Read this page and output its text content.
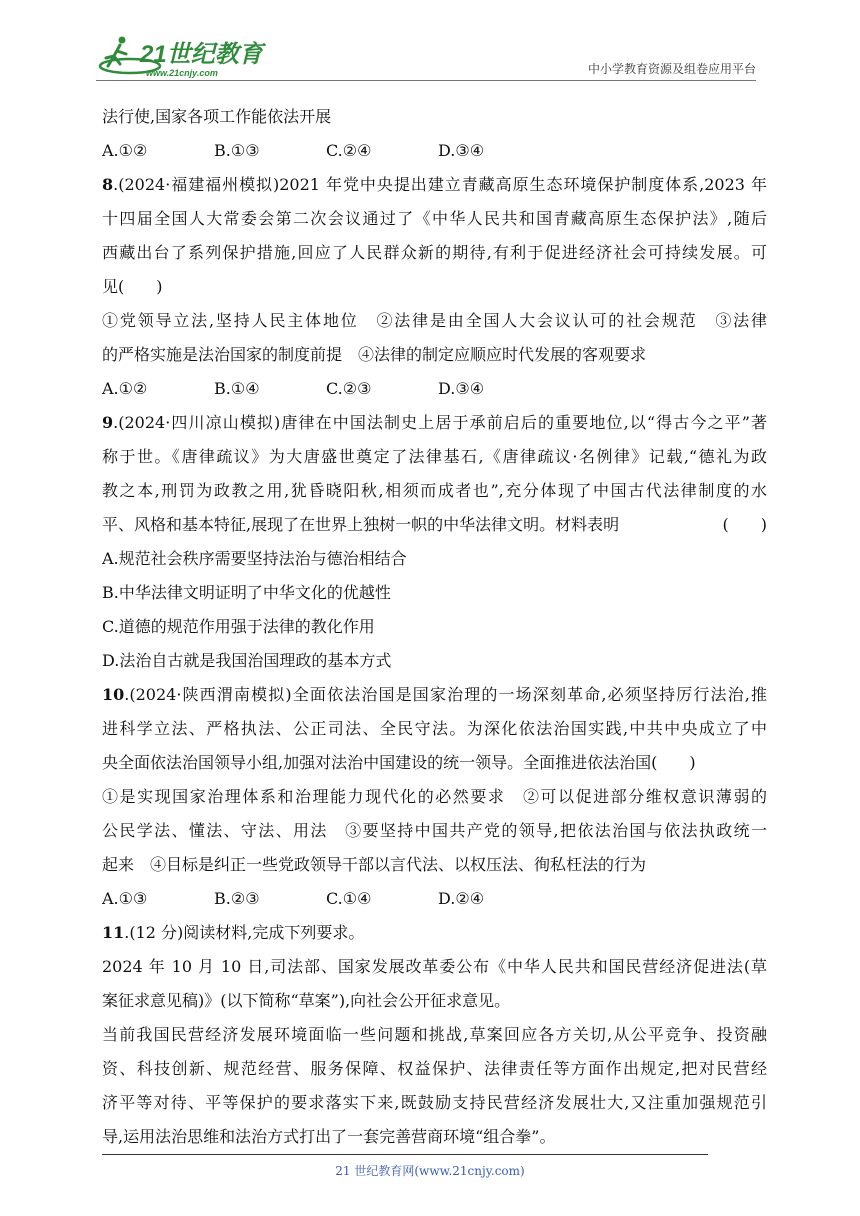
21世纪教育
www.21cnjy.com	中小学教育资源及组卷应用平台
法行使,国家各项工作能依法开展
A.①②	B.①③	C.②④	D.③④
8.(2024·福建福州模拟)2021 年党中央提出建立青藏高原生态环境保护制度体系,2023 年
十四届全国人大常委会第二次会议通过了《中华人民共和国青藏高原生态保护法》,随后
西藏出台了系列保护措施,回应了人民群众新的期待,有利于促进经济社会可持续发展。可
见(　　)
①党领导立法,坚持人民主体地位　②法律是由全国人大会议认可的社会规范　③法律
的严格实施是法治国家的制度前提　④法律的制定应顺应时代发展的客观要求
A.①②	B.①④	C.②③	D.③④
9.(2024·四川凉山模拟)唐律在中国法制史上居于承前启后的重要地位,以“得古今之平”著
称于世。《唐律疏议》为大唐盛世奠定了法律基石,《唐律疏议·名例律》记载,“德礼为政
教之本,刑罚为政教之用,犹昏晓阳秋,相须而成者也”,充分体现了中国古代法律制度的水
平、风格和基本特征,展现了在世界上独树一帜的中华法律文明。材料表明	(　　)
A.规范社会秩序需要坚持法治与德治相结合
B.中华法律文明证明了中华文化的优越性
C.道德的规范作用强于法律的教化作用
D.法治自古就是我国治国理政的基本方式
10.(2024·陕西渭南模拟)全面依法治国是国家治理的一场深刻革命,必须坚持厉行法治,推
进科学立法、严格执法、公正司法、全民守法。为深化依法治国实践,中共中央成立了中
央全面依法治国领导小组,加强对法治中国建设的统一领导。全面推进依法治国(　　)
①是实现国家治理体系和治理能力现代化的必然要求　②可以促进部分维权意识薄弱的
公民学法、懂法、守法、用法　③要坚持中国共产党的领导,把依法治国与依法执政统一
起来　④目标是纠正一些党政领导干部以言代法、以权压法、徇私枉法的行为
A.①③	B.②③	C.①④	D.②④
11.(12 分)阅读材料,完成下列要求。
2024 年 10 月 10 日,司法部、国家发展改革委公布《中华人民共和国民营经济促进法(草
案征求意见稿)》(以下简称“草案”),向社会公开征求意见。
当前我国民营经济发展环境面临一些问题和挑战,草案回应各方关切,从公平竞争、投资融
资、科技创新、规范经营、服务保障、权益保护、法律责任等方面作出规定,把对民营经
济平等对待、平等保护的要求落实下来,既鼓励支持民营经济发展壮大,又注重加强规范引
导,运用法治思维和法治方式打出了一套完善营商环境“组合拳”。
21 世纪教育网(www.21cnjy.com)
